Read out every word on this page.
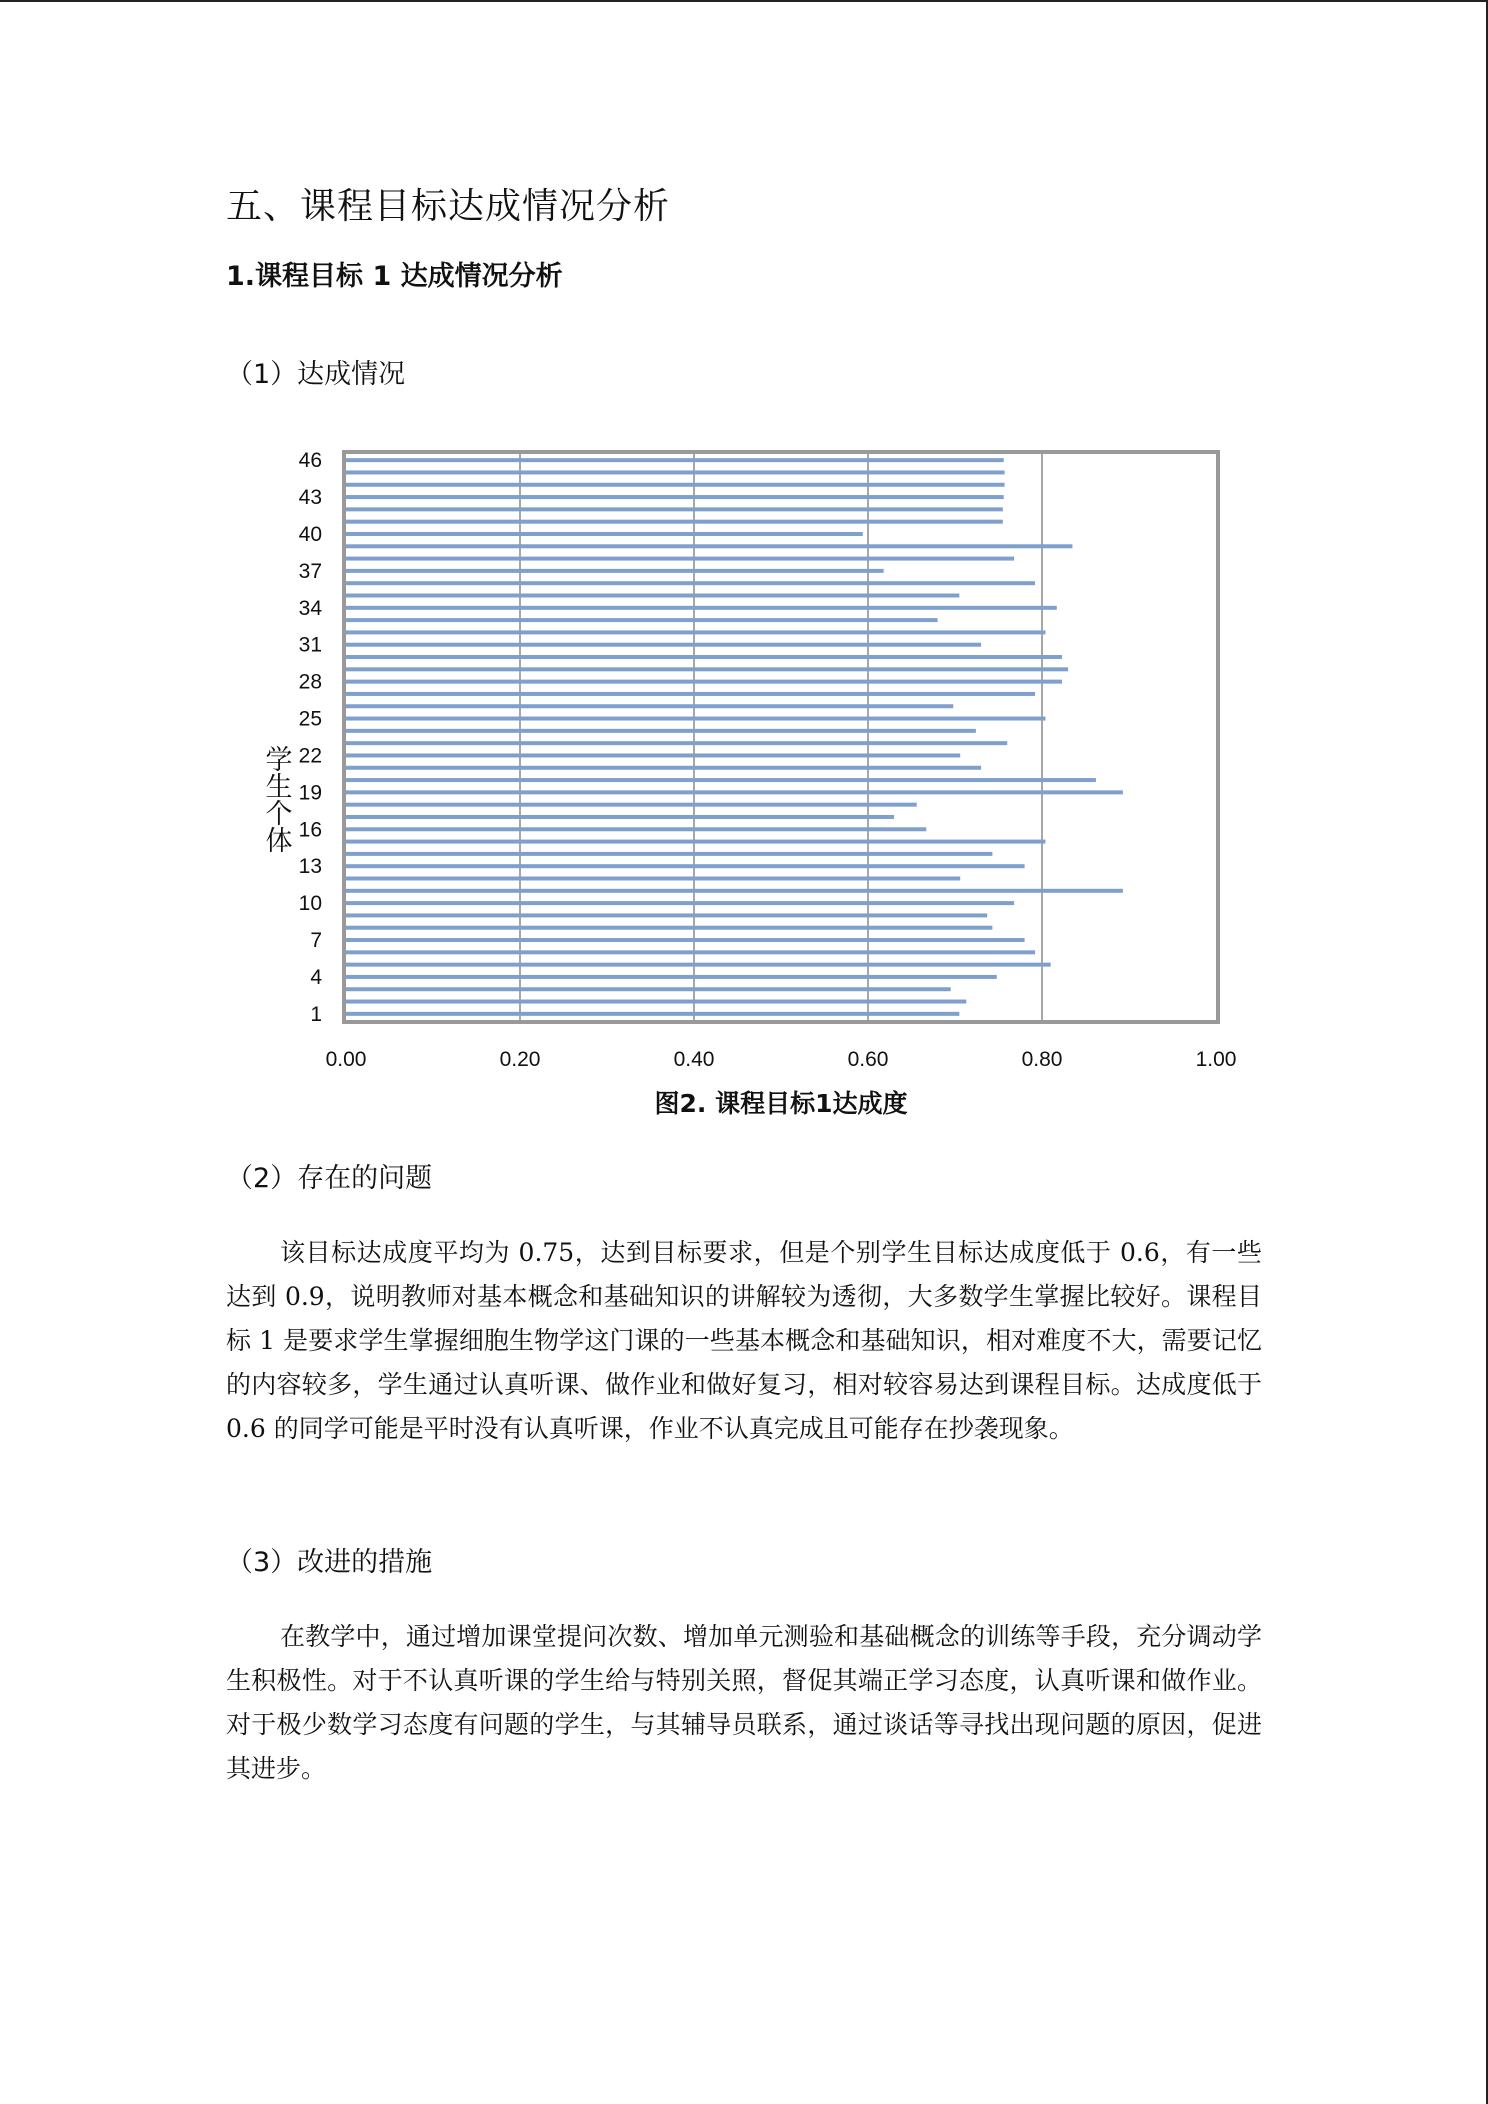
五、课程目标达成情况分析
1.课程目标 1 达成情况分析
（1）达成情况
1
4
7
10
13
16
19
22
25
28
31
34
37
40
43
46
0.00	0.20	0.40	0.60	0.80	1.00
学生个体
图2. 课程目标1达成度
（2）存在的问题

该目标达成度平均为 0.75，达到目标要求，但是个别学生目标达成度低于 0.6，有一些达到 0.9，说明教师对基本概念和基础知识的讲解较为透彻，大多数学生掌握比较好。课程目标 1 是要求学生掌握细胞生物学这门课的一些基本概念和基础知识，相对难度不大，需要记忆的内容较多，学生通过认真听课、做作业和做好复习，相对较容易达到课程目标。达成度低于 0.6 的同学可能是平时没有认真听课，作业不认真完成且可能存在抄袭现象。

（3）改进的措施

在教学中，通过增加课堂提问次数、增加单元测验和基础概念的训练等手段，充分调动学生积极性。对于不认真听课的学生给与特别关照，督促其端正学习态度，认真听课和做作业。对于极少数学习态度有问题的学生，与其辅导员联系，通过谈话等寻找出现问题的原因，促进其进步。
